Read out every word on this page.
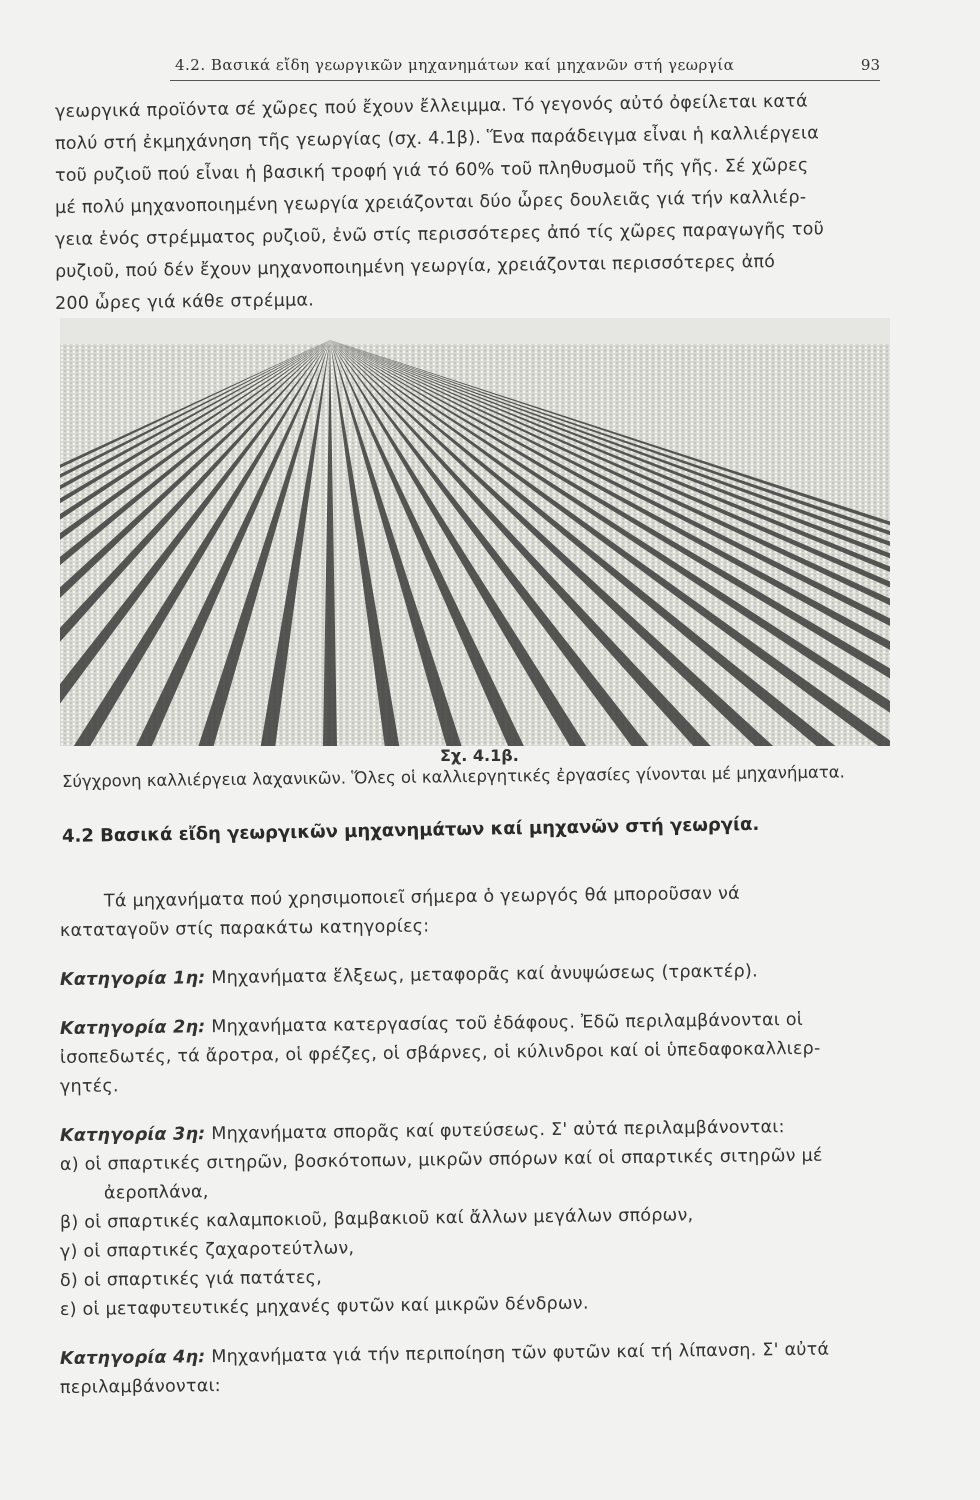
4.2. Βασικά εἴδη γεωργικῶν μηχανημάτων καί μηχανῶν στή γεωργία	93
γεωργικά προϊόντα σέ χῶρες πού ἔχουν ἔλλειμμα. Τό γεγονός αὐτό ὀφείλεται κατά
πολύ στή ἐκμηχάνηση τῆς γεωργίας (σχ. 4.1β). Ἕνα παράδειγμα εἶναι ἡ καλλιέργεια
τοῦ ρυζιοῦ πού εἶναι ἡ βασική τροφή γιά τό 60% τοῦ πληθυσμοῦ τῆς γῆς. Σέ χῶρες
μέ πολύ μηχανοποιημένη γεωργία χρειάζονται δύο ὧρες δουλειᾶς γιά τήν καλλιέρ-
γεια ἑνός στρέμματος ρυζιοῦ, ἐνῶ στίς περισσότερες ἀπό τίς χῶρες παραγωγῆς τοῦ
ρυζιοῦ, πού δέν ἔχουν μηχανοποιημένη γεωργία, χρειάζονται περισσότερες ἀπό
200 ὧρες γιά κάθε στρέμμα.
Σχ. 4.1β.
Σύγχρονη καλλιέργεια λαχανικῶν. Ὅλες οἱ καλλιεργητικές ἐργασίες γίνονται μέ μηχανήματα.
4.2 Βασικά εἴδη γεωργικῶν μηχανημάτων καί μηχανῶν στή γεωργία.
Τά μηχανήματα πού χρησιμοποιεῖ σήμερα ὁ γεωργός θά μποροῦσαν νά
καταταγοῦν στίς παρακάτω κατηγορίες:
Κατηγορία 1η: Μηχανήματα ἕλξεως, μεταφορᾶς καί ἀνυψώσεως (τρακτέρ).
Κατηγορία 2η: Μηχανήματα κατεργασίας τοῦ ἐδάφους. Ἐδῶ περιλαμβάνονται οἱ
ἰσοπεδωτές, τά ἄροτρα, οἱ φρέζες, οἱ σβάρνες, οἱ κύλινδροι καί οἱ ὑπεδαφοκαλλιερ-
γητές.
Κατηγορία 3η: Μηχανήματα σπορᾶς καί φυτεύσεως. Σ' αὐτά περιλαμβάνονται:
α) οἱ σπαρτικές σιτηρῶν, βοσκότοπων, μικρῶν σπόρων καί οἱ σπαρτικές σιτηρῶν μέ
ἀεροπλάνα,
β) οἱ σπαρτικές καλαμποκιοῦ, βαμβακιοῦ καί ἄλλων μεγάλων σπόρων,
γ) οἱ σπαρτικές ζαχαροτεύτλων,
δ) οἱ σπαρτικές γιά πατάτες,
ε) οἱ μεταφυτευτικές μηχανές φυτῶν καί μικρῶν δένδρων.
Κατηγορία 4η: Μηχανήματα γιά τήν περιποίηση τῶν φυτῶν καί τή λίπανση. Σ' αὐτά
περιλαμβάνονται:
